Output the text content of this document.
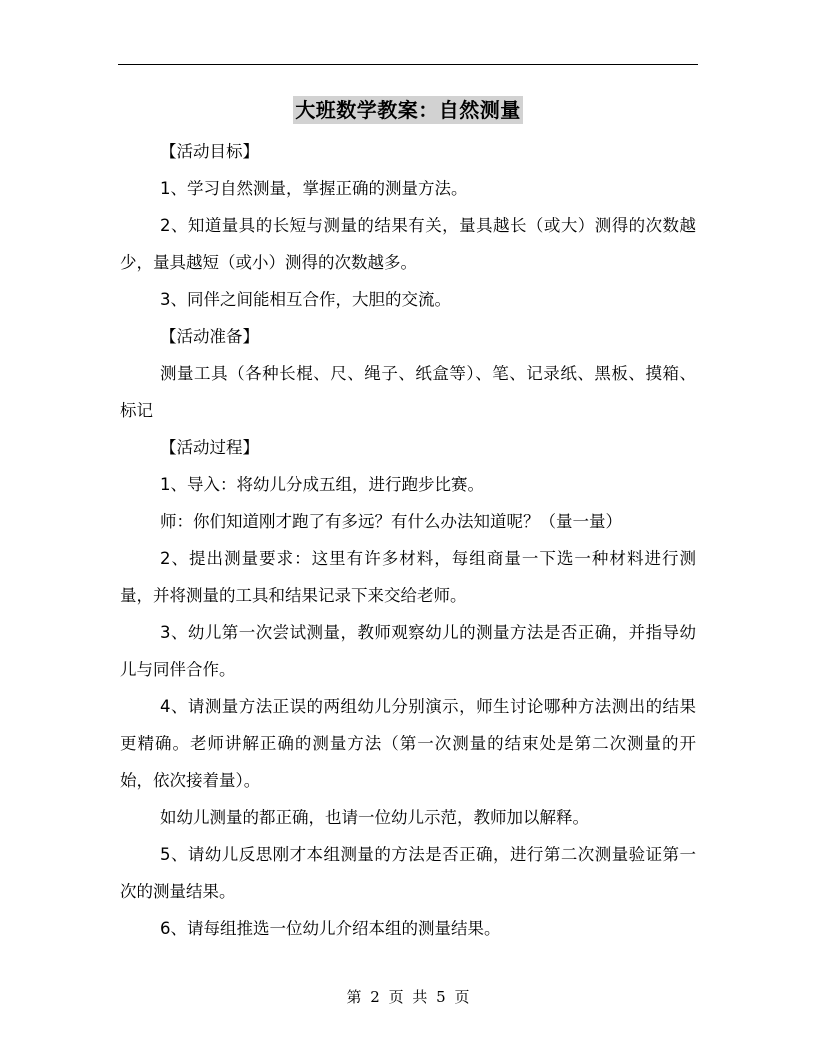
大班数学教案：自然测量

【活动目标】

1、学习自然测量，掌握正确的测量方法。

2、知道量具的长短与测量的结果有关，量具越长（或大）测得的次数越少，量具越短（或小）测得的次数越多。

3、同伴之间能相互合作，大胆的交流。

【活动准备】

测量工具（各种长棍、尺、绳子、纸盒等）、笔、记录纸、黑板、摸箱、标记

【活动过程】

1、导入：将幼儿分成五组，进行跑步比赛。

师：你们知道刚才跑了有多远？有什么办法知道呢？（量一量）

2、提出测量要求：这里有许多材料，每组商量一下选一种材料进行测量，并将测量的工具和结果记录下来交给老师。

3、幼儿第一次尝试测量，教师观察幼儿的测量方法是否正确，并指导幼儿与同伴合作。

4、请测量方法正误的两组幼儿分别演示，师生讨论哪种方法测出的结果更精确。老师讲解正确的测量方法（第一次测量的结束处是第二次测量的开始，依次接着量）。

如幼儿测量的都正确，也请一位幼儿示范，教师加以解释。

5、请幼儿反思刚才本组测量的方法是否正确，进行第二次测量验证第一次的测量结果。

6、请每组推选一位幼儿介绍本组的测量结果。

第 2 页 共 5 页
